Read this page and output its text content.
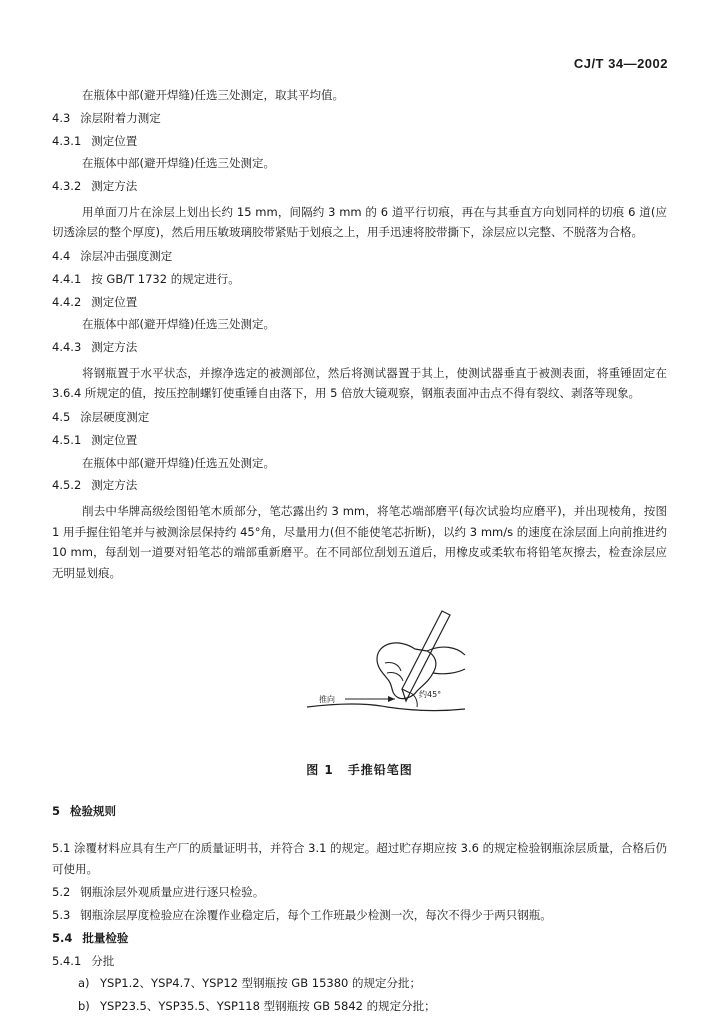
CJ/T 34—2002
在瓶体中部(避开焊缝)任选三处测定，取其平均值。
4.3 涂层附着力测定
4.3.1 测定位置
在瓶体中部(避开焊缝)任选三处测定。
4.3.2 测定方法
用单面刀片在涂层上划出长约 15 mm，间隔约 3 mm 的 6 道平行切痕，再在与其垂直方向划同样的切痕 6 道(应切透涂层的整个厚度)，然后用压敏玻璃胶带紧贴于划痕之上，用手迅速将胶带撕下，涂层应以完整、不脱落为合格。
4.4 涂层冲击强度测定
4.4.1 按 GB/T 1732 的规定进行。
4.4.2 测定位置
在瓶体中部(避开焊缝)任选三处测定。
4.4.3 测定方法
将钢瓶置于水平状态，并擦净选定的被测部位，然后将测试器置于其上，使测试器垂直于被测表面，将重锤固定在 3.6.4 所规定的值，按压控制螺钉使重锤自由落下，用 5 倍放大镜观察，钢瓶表面冲击点不得有裂纹、剥落等现象。
4.5 涂层硬度测定
4.5.1 测定位置
在瓶体中部(避开焊缝)任选五处测定。
4.5.2 测定方法
削去中华牌高级绘图铅笔木质部分，笔芯露出约 3 mm，将笔芯端部磨平(每次试验均应磨平)，并出现棱角，按图 1 用手握住铅笔并与被测涂层保持约 45°角，尽量用力(但不能使笔芯折断)，以约 3 mm/s 的速度在涂层面上向前推进约 10 mm，每刮划一道要对铅笔芯的端部重新磨平。在不同部位刮划五道后，用橡皮或柔软布将铅笔灰擦去，检查涂层应无明显划痕。
推向
约45°
图 1 手推铅笔图
5 检验规则
5.1 涂覆材料应具有生产厂的质量证明书，并符合 3.1 的规定。超过贮存期应按 3.6 的规定检验钢瓶涂层质量，合格后仍可使用。
5.2 钢瓶涂层外观质量应进行逐只检验。
5.3 钢瓶涂层厚度检验应在涂覆作业稳定后，每个工作班最少检测一次，每次不得少于两只钢瓶。
5.4 批量检验
5.4.1 分批
a) YSP1.2、YSP4.7、YSP12 型钢瓶按 GB 15380 的规定分批；
b) YSP23.5、YSP35.5、YSP118 型钢瓶按 GB 5842 的规定分批；
